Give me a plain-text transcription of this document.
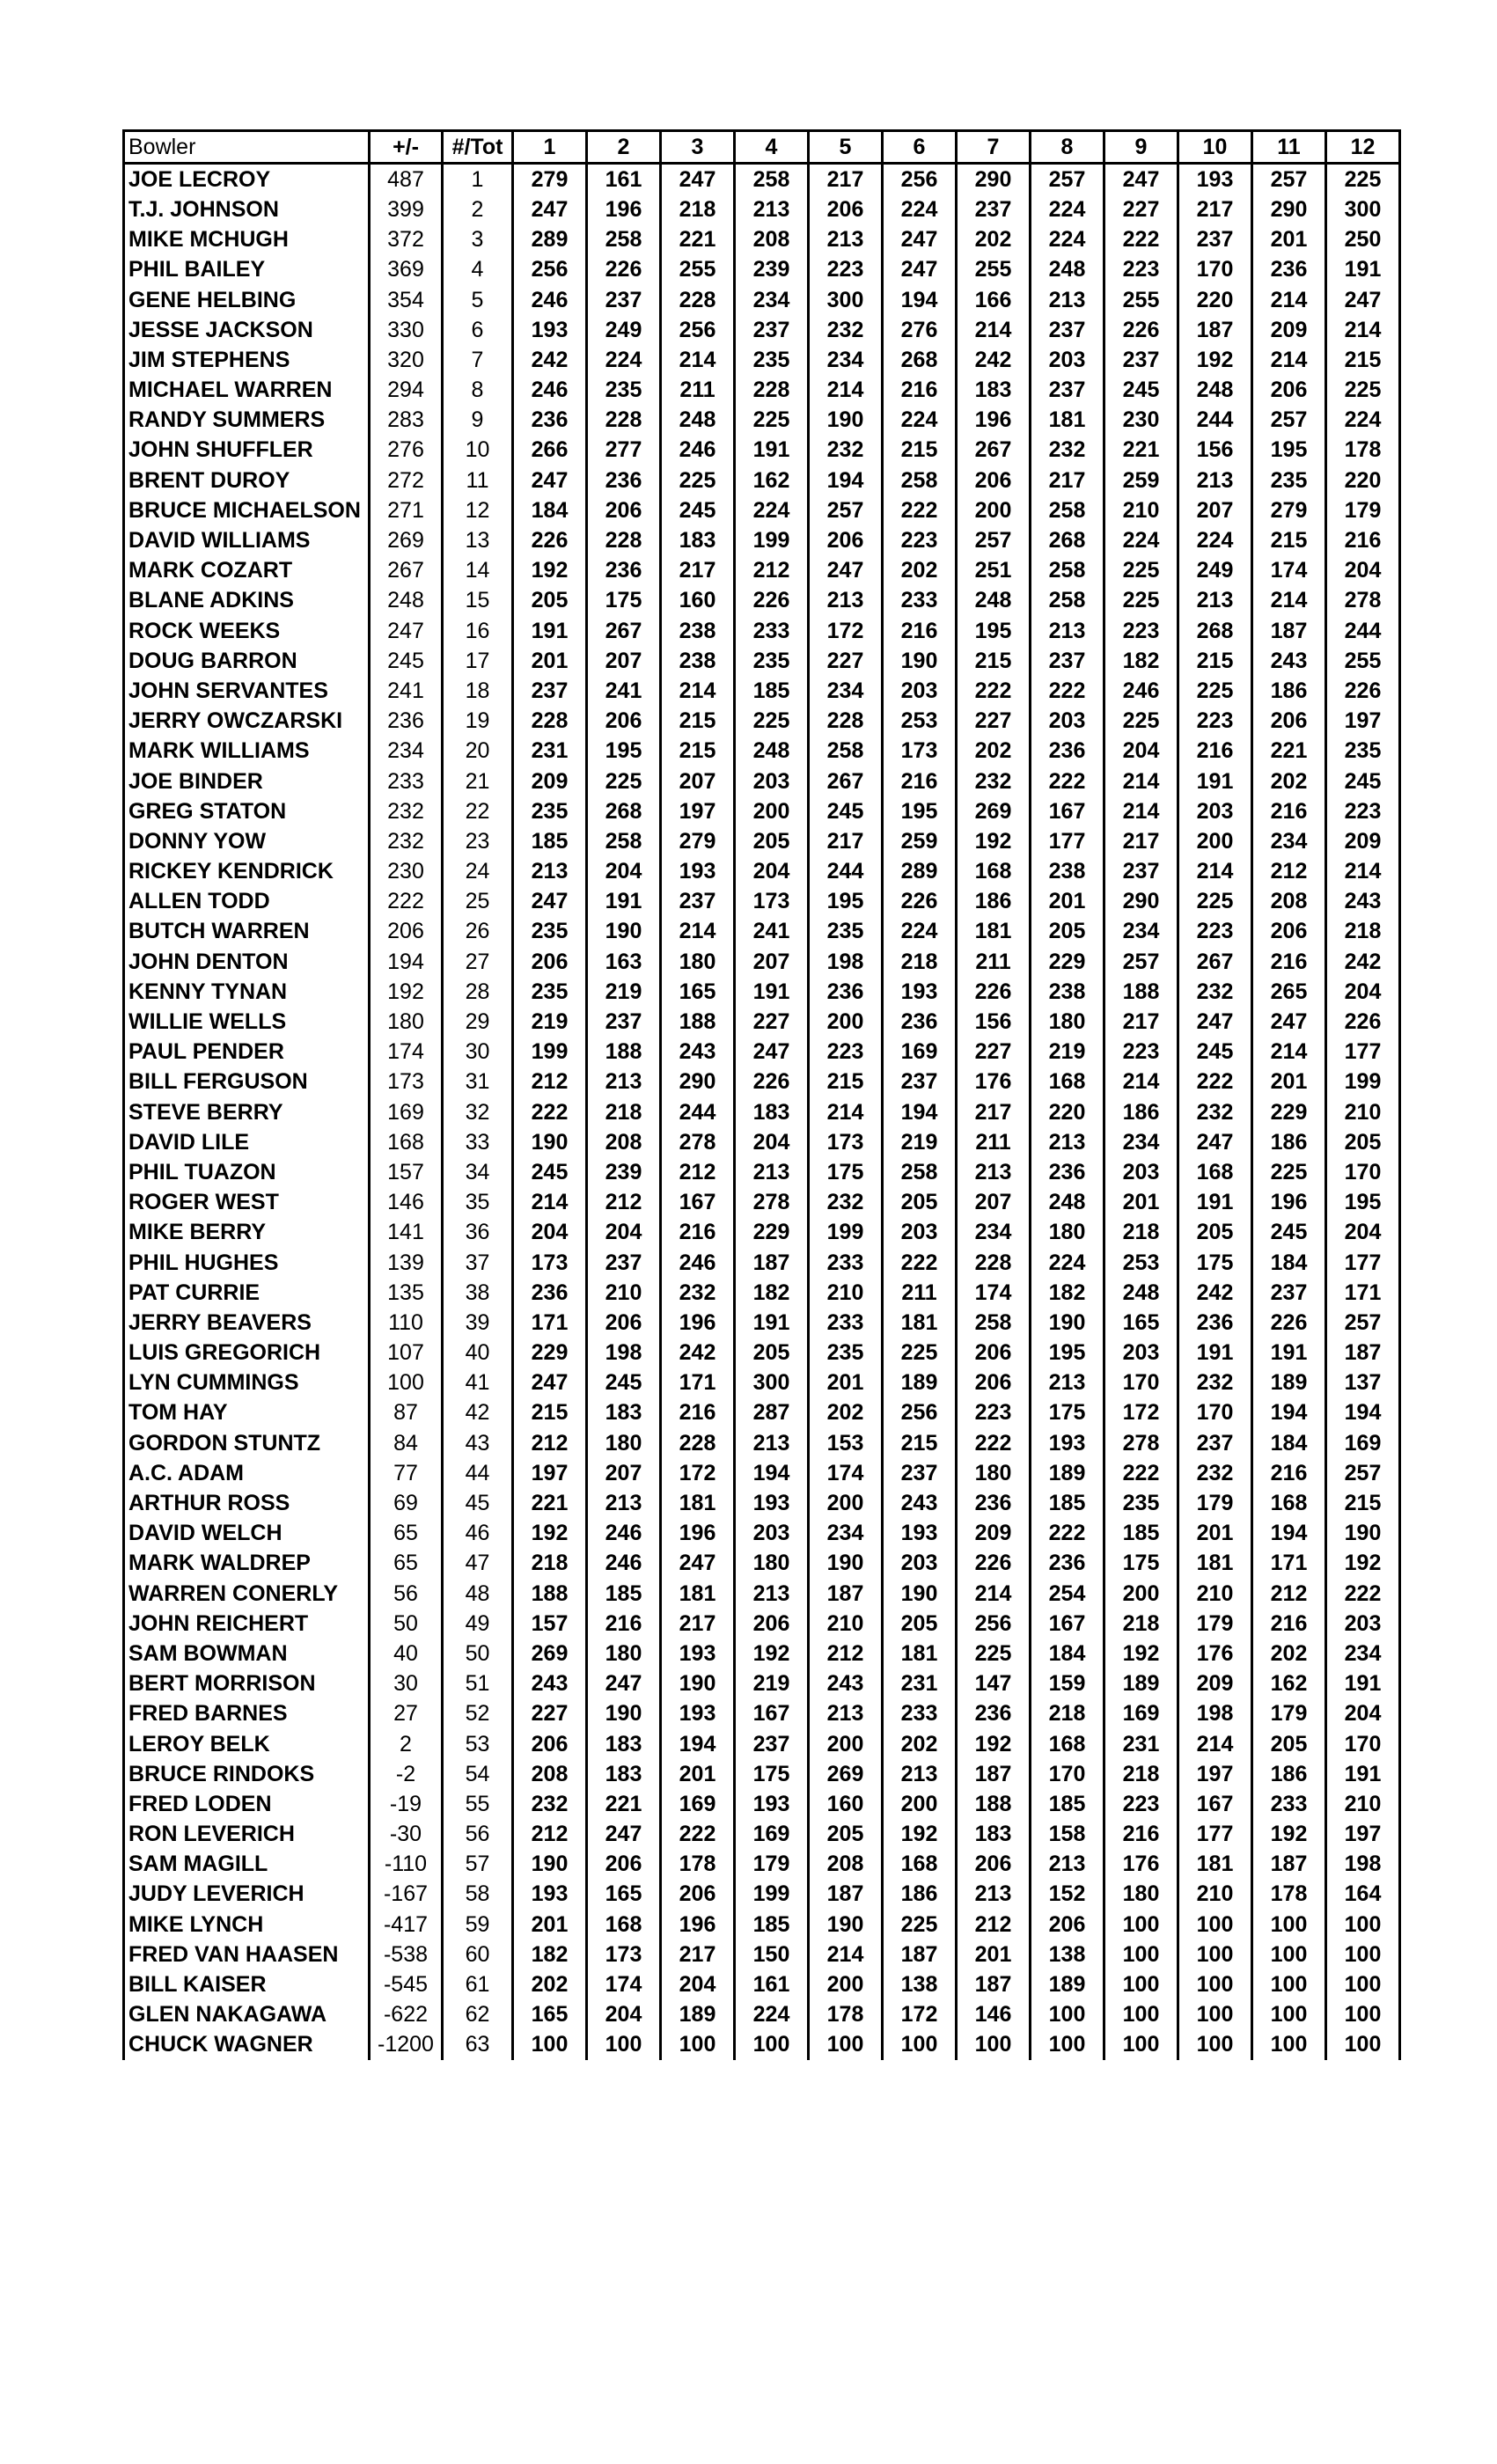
Bowler	+/-	#/Tot	1	2	3	4	5	6	7	8	9	10	11	12
JOE LECROY	487	1	279	161	247	258	217	256	290	257	247	193	257	225
T.J. JOHNSON	399	2	247	196	218	213	206	224	237	224	227	217	290	300
MIKE MCHUGH	372	3	289	258	221	208	213	247	202	224	222	237	201	250
PHIL BAILEY	369	4	256	226	255	239	223	247	255	248	223	170	236	191
GENE HELBING	354	5	246	237	228	234	300	194	166	213	255	220	214	247
JESSE JACKSON	330	6	193	249	256	237	232	276	214	237	226	187	209	214
JIM STEPHENS	320	7	242	224	214	235	234	268	242	203	237	192	214	215
MICHAEL WARREN	294	8	246	235	211	228	214	216	183	237	245	248	206	225
RANDY SUMMERS	283	9	236	228	248	225	190	224	196	181	230	244	257	224
JOHN SHUFFLER	276	10	266	277	246	191	232	215	267	232	221	156	195	178
BRENT DUROY	272	11	247	236	225	162	194	258	206	217	259	213	235	220
BRUCE MICHAELSON	271	12	184	206	245	224	257	222	200	258	210	207	279	179
DAVID WILLIAMS	269	13	226	228	183	199	206	223	257	268	224	224	215	216
MARK COZART	267	14	192	236	217	212	247	202	251	258	225	249	174	204
BLANE ADKINS	248	15	205	175	160	226	213	233	248	258	225	213	214	278
ROCK WEEKS	247	16	191	267	238	233	172	216	195	213	223	268	187	244
DOUG BARRON	245	17	201	207	238	235	227	190	215	237	182	215	243	255
JOHN SERVANTES	241	18	237	241	214	185	234	203	222	222	246	225	186	226
JERRY OWCZARSKI	236	19	228	206	215	225	228	253	227	203	225	223	206	197
MARK WILLIAMS	234	20	231	195	215	248	258	173	202	236	204	216	221	235
JOE BINDER	233	21	209	225	207	203	267	216	232	222	214	191	202	245
GREG STATON	232	22	235	268	197	200	245	195	269	167	214	203	216	223
DONNY YOW	232	23	185	258	279	205	217	259	192	177	217	200	234	209
RICKEY KENDRICK	230	24	213	204	193	204	244	289	168	238	237	214	212	214
ALLEN TODD	222	25	247	191	237	173	195	226	186	201	290	225	208	243
BUTCH WARREN	206	26	235	190	214	241	235	224	181	205	234	223	206	218
JOHN DENTON	194	27	206	163	180	207	198	218	211	229	257	267	216	242
KENNY TYNAN	192	28	235	219	165	191	236	193	226	238	188	232	265	204
WILLIE WELLS	180	29	219	237	188	227	200	236	156	180	217	247	247	226
PAUL PENDER	174	30	199	188	243	247	223	169	227	219	223	245	214	177
BILL FERGUSON	173	31	212	213	290	226	215	237	176	168	214	222	201	199
STEVE BERRY	169	32	222	218	244	183	214	194	217	220	186	232	229	210
DAVID LILE	168	33	190	208	278	204	173	219	211	213	234	247	186	205
PHIL TUAZON	157	34	245	239	212	213	175	258	213	236	203	168	225	170
ROGER WEST	146	35	214	212	167	278	232	205	207	248	201	191	196	195
MIKE BERRY	141	36	204	204	216	229	199	203	234	180	218	205	245	204
PHIL HUGHES	139	37	173	237	246	187	233	222	228	224	253	175	184	177
PAT CURRIE	135	38	236	210	232	182	210	211	174	182	248	242	237	171
JERRY BEAVERS	110	39	171	206	196	191	233	181	258	190	165	236	226	257
LUIS GREGORICH	107	40	229	198	242	205	235	225	206	195	203	191	191	187
LYN CUMMINGS	100	41	247	245	171	300	201	189	206	213	170	232	189	137
TOM HAY	87	42	215	183	216	287	202	256	223	175	172	170	194	194
GORDON STUNTZ	84	43	212	180	228	213	153	215	222	193	278	237	184	169
A.C. ADAM	77	44	197	207	172	194	174	237	180	189	222	232	216	257
ARTHUR ROSS	69	45	221	213	181	193	200	243	236	185	235	179	168	215
DAVID WELCH	65	46	192	246	196	203	234	193	209	222	185	201	194	190
MARK WALDREP	65	47	218	246	247	180	190	203	226	236	175	181	171	192
WARREN CONERLY	56	48	188	185	181	213	187	190	214	254	200	210	212	222
JOHN REICHERT	50	49	157	216	217	206	210	205	256	167	218	179	216	203
SAM BOWMAN	40	50	269	180	193	192	212	181	225	184	192	176	202	234
BERT MORRISON	30	51	243	247	190	219	243	231	147	159	189	209	162	191
FRED BARNES	27	52	227	190	193	167	213	233	236	218	169	198	179	204
LEROY BELK	2	53	206	183	194	237	200	202	192	168	231	214	205	170
BRUCE RINDOKS	-2	54	208	183	201	175	269	213	187	170	218	197	186	191
FRED LODEN	-19	55	232	221	169	193	160	200	188	185	223	167	233	210
RON LEVERICH	-30	56	212	247	222	169	205	192	183	158	216	177	192	197
SAM MAGILL	-110	57	190	206	178	179	208	168	206	213	176	181	187	198
JUDY LEVERICH	-167	58	193	165	206	199	187	186	213	152	180	210	178	164
MIKE LYNCH	-417	59	201	168	196	185	190	225	212	206	100	100	100	100
FRED VAN HAASEN	-538	60	182	173	217	150	214	187	201	138	100	100	100	100
BILL KAISER	-545	61	202	174	204	161	200	138	187	189	100	100	100	100
GLEN NAKAGAWA	-622	62	165	204	189	224	178	172	146	100	100	100	100	100
CHUCK WAGNER	-1200	63	100	100	100	100	100	100	100	100	100	100	100	100
